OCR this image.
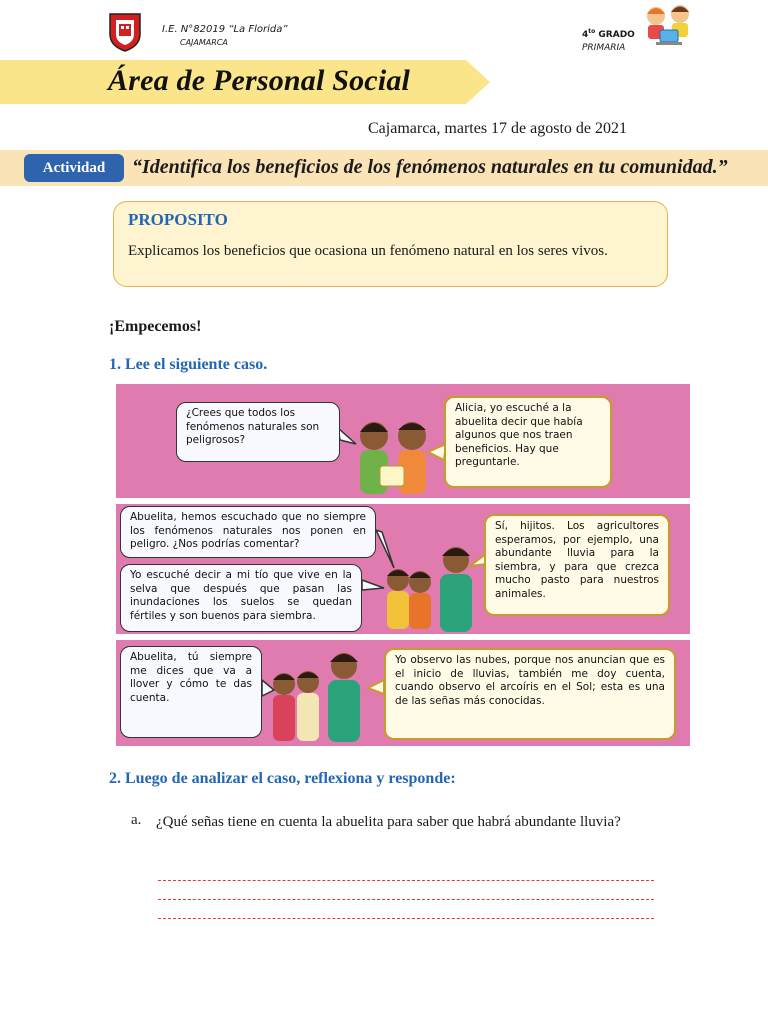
I.E. N°82019 “La Florida”
CAJAMARCA
$4^{to}$ GRADO
PRIMARIA
Área de Personal Social
Cajamarca, martes 17 de agosto de 2021
Actividad	“Identifica los beneficios de los fenómenos naturales en tu comunidad.”
PROPOSITO
Explicamos los beneficios que ocasiona un fenómeno natural en los seres vivos.
¡Empecemos!
1. Lee el siguiente caso.
¿Crees que todos los fenómenos naturales son peligrosos?
Alicia, yo escuché a la abuelita decir que había algunos que nos traen beneficios. Hay que preguntarle.
Abuelita, hemos escuchado que no siempre los fenómenos naturales nos ponen en peligro. ¿Nos podrías comentar?
Yo escuché decir a mi tío que vive en la selva que después que pasan las inundaciones los suelos se quedan fértiles y son buenos para siembra.
Sí, hijitos. Los agricultores esperamos, por ejemplo, una abundante lluvia para la siembra, y para que crezca mucho pasto para nuestros animales.
Abuelita, tú siempre me dices que va a llover y cómo te das cuenta.
Yo observo las nubes, porque nos anuncian que es el inicio de lluvias, también me doy cuenta, cuando observo el arcoíris en el Sol; esta es una de las señas más conocidas.
2. Luego de analizar el caso, reflexiona y responde:
a. ¿Qué señas tiene en cuenta la abuelita para saber que habrá abundante lluvia?
